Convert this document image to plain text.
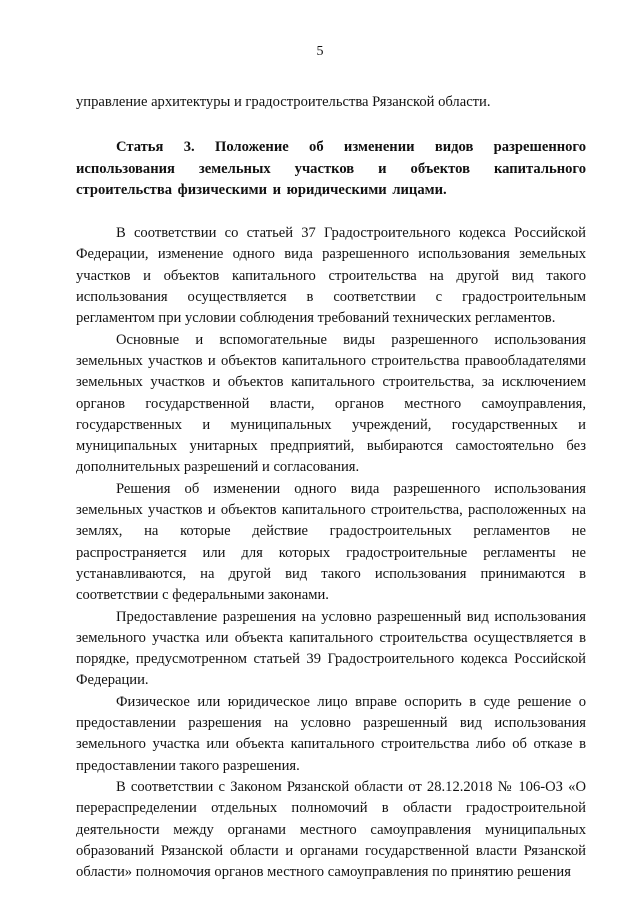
5

управление архитектуры и градостроительства Рязанской области.

Статья 3. Положение об изменении видов разрешенного использования земельных участков и объектов капитального строительства физическими и юридическими лицами.

В соответствии со статьей 37 Градостроительного кодекса Российской Федерации, изменение одного вида разрешенного использования земельных участков и объектов капитального строительства на другой вид такого использования осуществляется в соответствии с градостроительным регламентом при условии соблюдения требований технических регламентов.

Основные и вспомогательные виды разрешенного использования земельных участков и объектов капитального строительства правообладателями земельных участков и объектов капитального строительства, за исключением органов государственной власти, органов местного самоуправления, государственных и муниципальных учреждений, государственных и муниципальных унитарных предприятий, выбираются самостоятельно без дополнительных разрешений и согласования.

Решения об изменении одного вида разрешенного использования земельных участков и объектов капитального строительства, расположенных на землях, на которые действие градостроительных регламентов не распространяется или для которых градостроительные регламенты не устанавливаются, на другой вид такого использования принимаются в соответствии с федеральными законами.

Предоставление разрешения на условно разрешенный вид использования земельного участка или объекта капитального строительства осуществляется в порядке, предусмотренном статьей 39 Градостроительного кодекса Российской Федерации.

Физическое или юридическое лицо вправе оспорить в суде решение о предоставлении разрешения на условно разрешенный вид использования земельного участка или объекта капитального строительства либо об отказе в предоставлении такого разрешения.

В соответствии с Законом Рязанской области от 28.12.2018 № 106-ОЗ «О перераспределении отдельных полномочий в области градостроительной деятельности между органами местного самоуправления муниципальных образований Рязанской области и органами государственной власти Рязанской области» полномочия органов местного самоуправления по принятию решения
